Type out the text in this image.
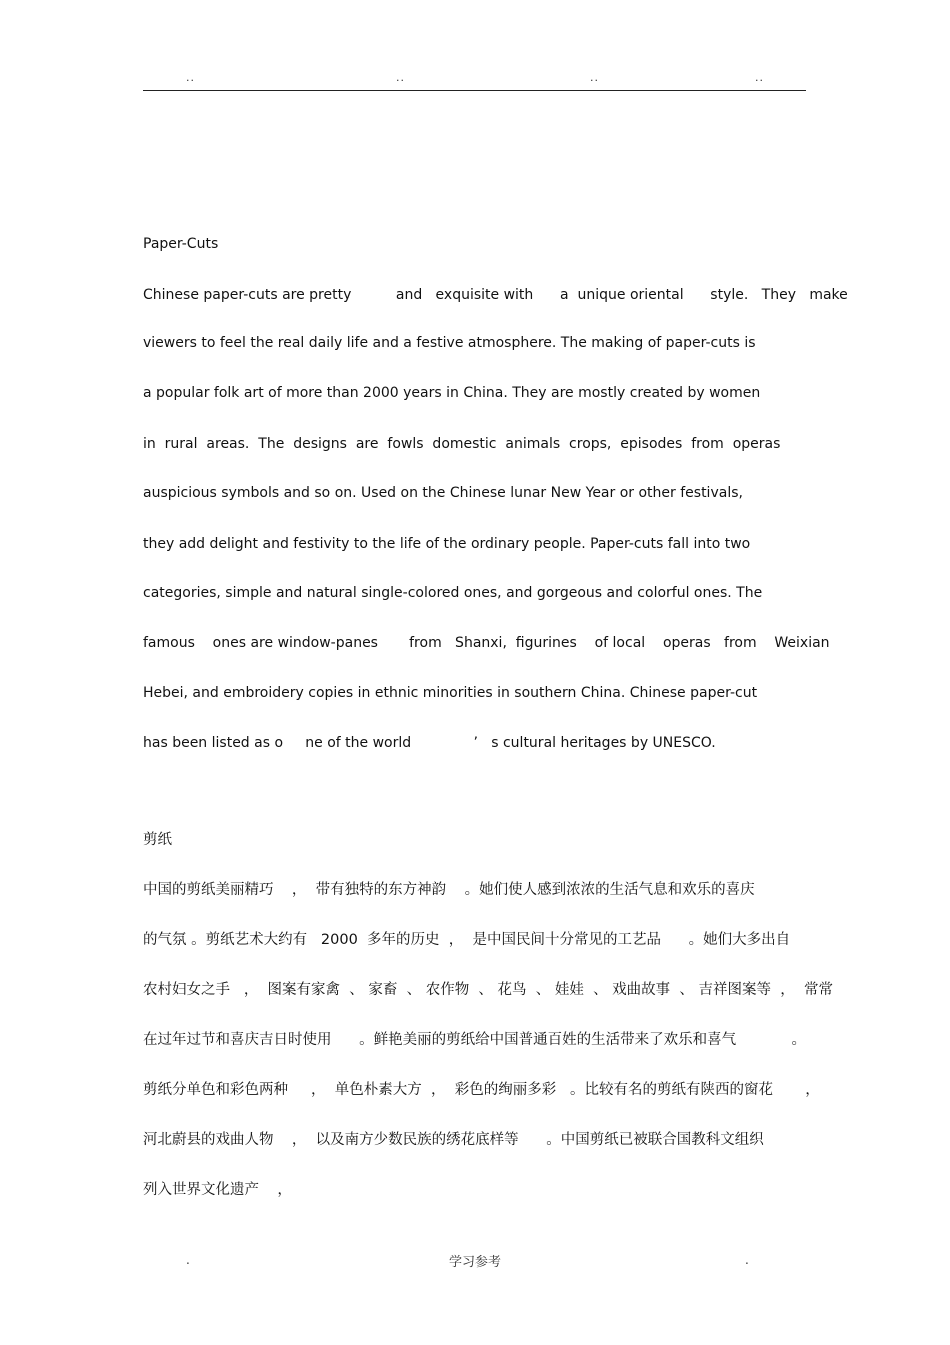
..	..	..	..
Paper-Cuts
Chinese paper-cuts are pretty          and   exquisite with      a  unique oriental      style.   They   make
viewers to feel the real daily life and a festive atmosphere. The making of paper-cuts is
a popular folk art of more than 2000 years in China. They are mostly created by women
in  rural  areas.  The  designs  are  fowls  domestic  animals  crops,  episodes  from  operas
auspicious symbols and so on. Used on the Chinese lunar New Year or other festivals,
they add delight and festivity to the life of the ordinary people. Paper-cuts fall into two
categories, simple and natural single-colored ones, and gorgeous and colorful ones. The
famous    ones are window-panes       from   Shanxi,  figurines    of local    operas   from    Weixian
Hebei, and embroidery copies in ethnic minorities in southern China. Chinese paper-cut
has been listed as o     ne of the world              ’   s cultural heritages by UNESCO.
剪纸
中国的剪纸美丽精巧    ，  带有独特的东方神韵    。她们使人感到浓浓的生活气息和欢乐的喜庆
的气氛 。剪纸艺术大约有   2000  多年的历史  ，  是中国民间十分常见的工艺品      。她们大多出自
农村妇女之手   ，  图案有家禽  、 家畜  、 农作物  、 花鸟  、 娃娃  、 戏曲故事  、 吉祥图案等  ，  常常
在过年过节和喜庆吉日时使用      。鲜艳美丽的剪纸给中国普通百姓的生活带来了欢乐和喜气            。
剪纸分单色和彩色两种     ，  单色朴素大方  ，  彩色的绚丽多彩   。比较有名的剪纸有陕西的窗花       ，
河北蔚县的戏曲人物    ，  以及南方少数民族的绣花底样等      。中国剪纸已被联合国教科文组织
列入世界文化遗产    ，
.	学习参考	.
